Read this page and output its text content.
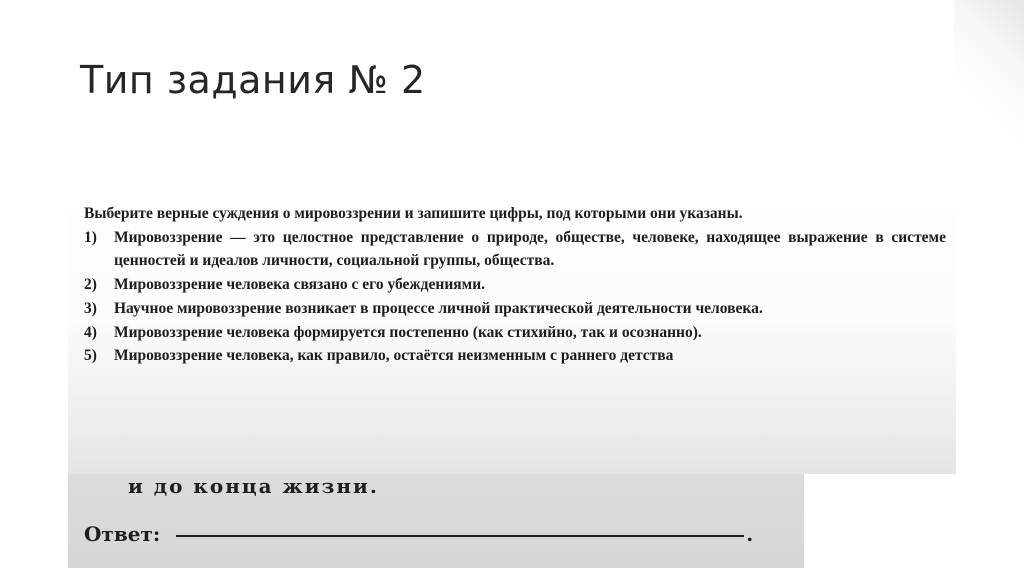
Тип задания № 2

Выберите верные суждения о мировоззрении и запишите цифры, под которыми они указаны.

1)	Мировоззрение — это целостное представление о природе, обществе, человеке, находящее выражение в системе ценностей и идеалов личности, социальной группы, общества.
2)	Мировоззрение человека связано с его убеждениями.
3)	Научное мировоззрение возникает в процессе личной практической деятельности человека.
4)	Мировоззрение человека формируется постепенно (как стихийно, так и осознанно).
5)	Мировоззрение человека, как правило, остаётся неизменным с раннего детства

и до конца жизни.

Ответ:	.
